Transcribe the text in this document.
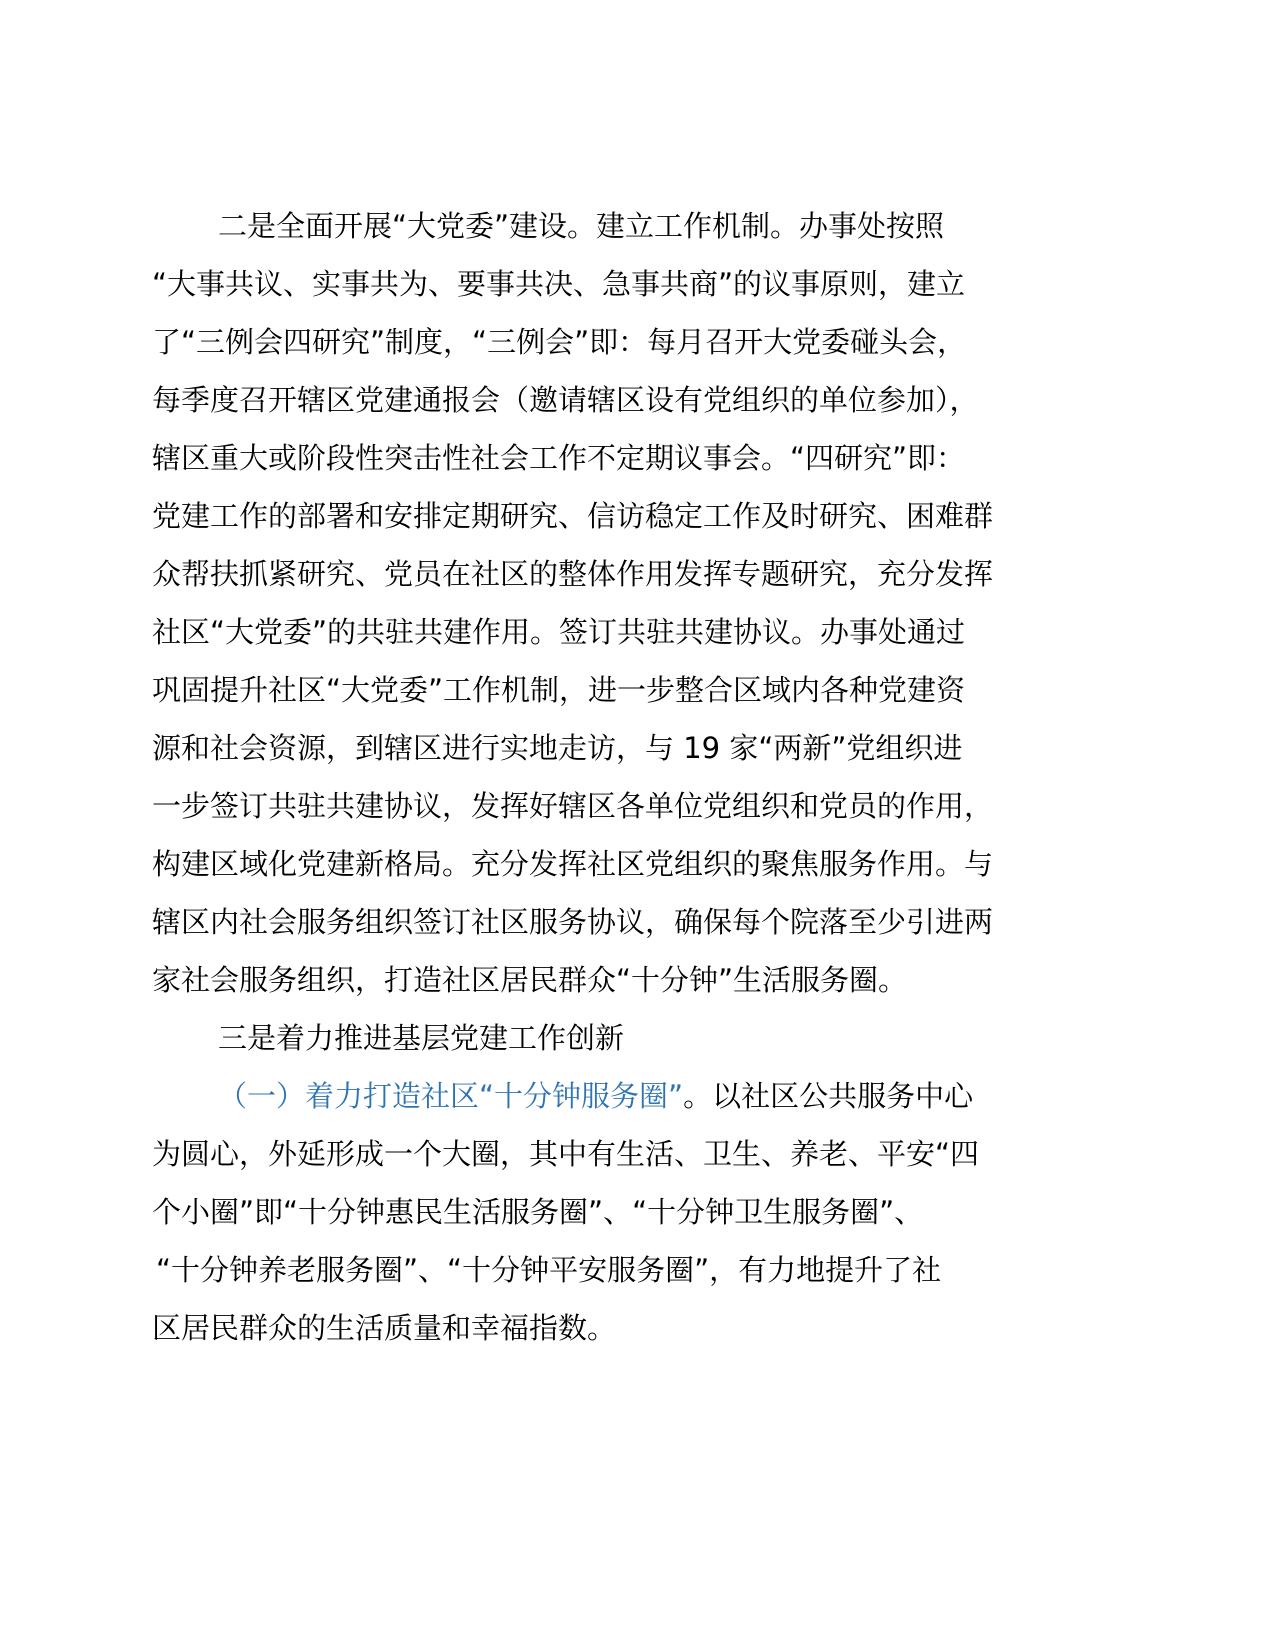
二是全面开展“大党委”建设。建立工作机制。办事处按照
“大事共议、实事共为、要事共决、急事共商”的议事原则，建立
了“三例会四研究”制度，“三例会”即：每月召开大党委碰头会，
每季度召开辖区党建通报会（邀请辖区设有党组织的单位参加），
辖区重大或阶段性突击性社会工作不定期议事会。“四研究”即：
党建工作的部署和安排定期研究、信访稳定工作及时研究、困难群
众帮扶抓紧研究、党员在社区的整体作用发挥专题研究，充分发挥
社区“大党委”的共驻共建作用。签订共驻共建协议。办事处通过
巩固提升社区“大党委”工作机制，进一步整合区域内各种党建资
源和社会资源，到辖区进行实地走访，与 19 家“两新”党组织进
一步签订共驻共建协议，发挥好辖区各单位党组织和党员的作用，
构建区域化党建新格局。充分发挥社区党组织的聚焦服务作用。与
辖区内社会服务组织签订社区服务协议，确保每个院落至少引进两
家社会服务组织，打造社区居民群众“十分钟”生活服务圈。
三是着力推进基层党建工作创新
（一）着力打造社区“十分钟服务圈”。以社区公共服务中心
为圆心，外延形成一个大圈，其中有生活、卫生、养老、平安“四
个小圈”即“十分钟惠民生活服务圈”、“十分钟卫生服务圈”、
“十分钟养老服务圈”、“十分钟平安服务圈”，有力地提升了社
区居民群众的生活质量和幸福指数。
